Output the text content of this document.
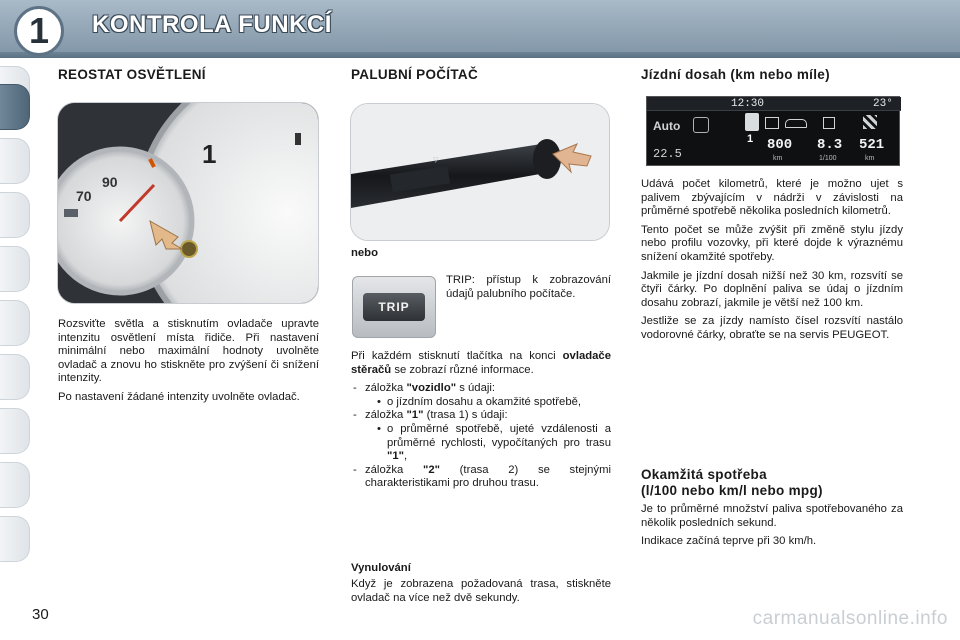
1	KONTROLA FUNKCÍ
REOSTAT OSVĚTLENÍ
90
70
1

Rozsviťte světla a stisknutím ovladače upravte intenzitu osvětlení místa řidiče. Při nastavení minimální nebo maximální hodnoty uvolněte ovladač a znovu ho stiskněte pro zvýšení či snížení intenzity.

Po nastavení žádané intenzity uvolněte ovladač.

PALUBNÍ POČÍTAČ
▽
nebo
TRIP
TRIP: přístup k zobrazování údajů palubního počítače.

Při každém stisknutí tlačítka na konci ovladače stěračů se zobrazí různé informace.

- záložka "vozidlo" s údaji:
• o jízdním dosahu a okamžité spotřebě,
- záložka "1" (trasa 1) s údaji:
• o průměrné spotřebě, ujeté vzdálenosti a průměrné rychlosti, vypočítaných pro trasu "1",
- záložka "2" (trasa 2) se stejnými charakteristikami pro druhou trasu.
Vynulování
Když je zobrazena požadovaná trasa, stiskněte ovladač na více než dvě sekundy.
Jízdní dosah (km nebo míle)
12:30	23°
Auto
22.5
1 800
km
8.3
1/100
521
km

Udává počet kilometrů, které je možno ujet s palivem zbývajícím v nádrži v závislosti na průměrné spotřebě několika posledních kilometrů.

Tento počet se může zvýšit při změně stylu jízdy nebo profilu vozovky, při které dojde k výraznému snížení okamžité spotřeby.

Jakmile je jízdní dosah nižší než 30 km, rozsvítí se čtyři čárky. Po doplnění paliva se údaj o jízdním dosahu zobrazí, jakmile je větší než 100 km.

Jestliže se za jízdy namísto čísel rozsvítí nastálo vodorovné čárky, obraťte se na servis PEUGEOT.

Okamžitá spotřeba
(l/100 nebo km/l nebo mpg)

Je to průměrné množství paliva spotřebovaného za několik posledních sekund.

Indikace začíná teprve při 30 km/h.

30	carmanualsonline.info
